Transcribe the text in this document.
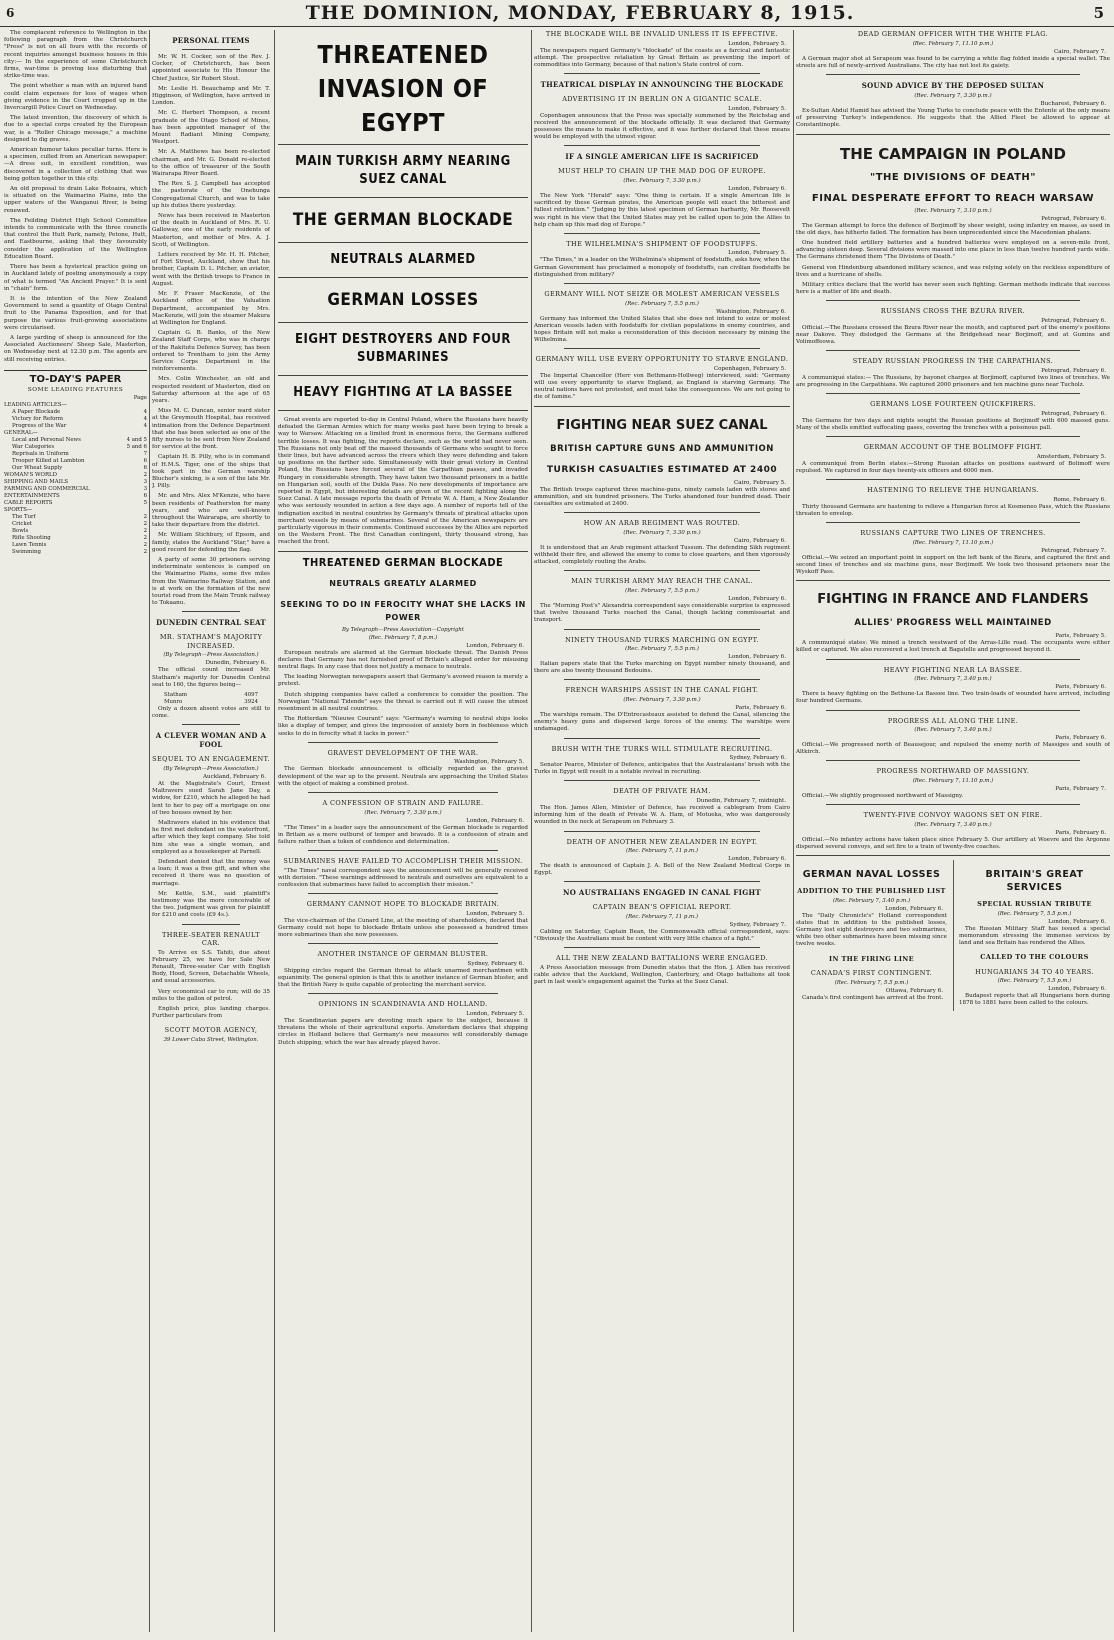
6	THE DOMINION, MONDAY, FEBRUARY 8, 1915.	5

The complacent reference to Wellington in the following paragraph from the Christchurch "Press" is not on all fours with the records of recent inquiries amongst business houses in this city:— In the experience of some Christchurch firms, war-time is proving less disturbing that strike-time was.

The point whether a man with an injured hand could claim expenses for loss of wages when giving evidence in the Court cropped up in the Invercargill Police Court on Wednesday.

The latest invention, the discovery of which is due to a special corps created by the European war, is a "Roller Chicago message," a machine designed to dig graves.

American humour takes peculiar turns. Here is a specimen, culled from an American newspaper:—A dress suit, in excellent condition, was discovered in a collection of clothing that was being gotten together in this city.

An old proposal to drain Lake Rotoaira, which is situated on the Waimarino Plains, into the upper waters of the Wanganui River, is being renewed.

The Feilding District High School Committee intends to communicate with the three councils that control the Hutt Park, namely, Petone, Hutt, and Eastbourne, asking that they favourably consider the application of the Wellington Education Board.

There has been a hysterical practice going on in Auckland lately of posting anonymously a copy of what is termed "An Ancient Prayer." It is sent in "chain" form.

It is the intention of the New Zealand Government to send a quantity of Otago Central fruit to the Panama Exposition, and for that purpose the various fruit-growing associations were circularised.

A large yarding of sheep is announced for the Associated Auctioneers' Sheep Sale, Masterton, on Wednesday next at 12.30 p.m. The agents are still receiving entries.

TO-DAY'S PAPER
SOME LEADING FEATURES
Page
LEADING ARTICLES—
A Paper Blockade	4
Victory for Reform	4
Progress of the War	4
GENERAL—
Local and Personal News	4 and 5
War Categories	5 and 6
Reprisals in Uniform	7
Trooper Killed at Lambton	6
Our Wheat Supply	6
WOMAN'S WORLD	2
SHIPPING AND MAILS	3
FARMING AND COMMERCIAL	3
ENTERTAINMENTS	6
CABLE REPORTS	5
SPORTS—
The Turf	2
Cricket	2
Bowls	2
Rifle Shooting	2
Lawn Tennis	2
Swimming	2
PERSONAL ITEMS

Mr. W. H. Cocker, son of the Rev. J. Cocker, of Christchurch, has been appointed associate to His Honour the Chief Justice, Sir Robert Stout.

Mr. Leslie H. Beauchamp and Mr. T. Higginson, of Wellington, have arrived in London.

Mr. C. Herbert Thompson, a recent graduate of the Otago School of Mines, has been appointed manager of the Mount Radiant Mining Company, Westport.

Mr. A. Matthews has been re-elected chairman, and Mr. G. Donald re-elected to the office of treasurer of the South Wairarapa River Board.

The Rev. S. J. Campbell has accepted the pastorate of the Onehunga Congregational Church, and was to take up his duties there yesterday.

News has been received in Masterton of the death in Auckland of Mrs. R. U. Galloway, one of the early residents of Masterton, and mother of Mrs. A. J. Scott, of Wellington.

Letters received by Mr. H. H. Pitcher, of Fort Street, Auckland, show that his brother, Captain D. L. Pitcher, an aviator, went with the British troops to France in August.

Mr. F. Fraser MacKenzie, of the Auckland office of the Valuation Department, accompanied by Mrs. MacKenzie, will join the steamer Makura at Wellington for England.

Captain G. B. Banks, of the New Zealand Staff Corps, who was in charge of the Rakitutu Defence Survey, has been ordered to Trentham to join the Army Service Corps Department in the reinforcements.

Mrs. Colin Winchester, an old and respected resident of Masterton, died on Saturday afternoon at the age of 65 years.

Miss M. C. Duncan, senior ward sister at the Greymouth Hospital, has received intimation from the Defence Department that she has been selected as one of the fifty nurses to be sent from New Zealand for service at the front.

Captain H. B. Pilly, who is in command of H.M.S. Tiger, one of the ships that took part in the German warship Blucher's sinking, is a son of the late Mr. J. Pilly.

Mr. and Mrs. Alex M'Kenzie, who have been residents of Featherston for many years, and who are well-known throughout the Wairarapa, are shortly to take their departure from the district.

Mr. William Stichbury, of Epsom, and family, states the Auckland "Star," have a good record for defending the flag.

A party of some 30 prisoners serving indeterminate sentences is camped on the Waimarino Plains, some five miles from the Waimarino Railway Station, and is at work on the formation of the new tourist road from the Main Trunk railway to Tokaanu.

DUNEDIN CENTRAL SEAT
MR. STATHAM'S MAJORITY INCREASED.
(By Telegraph—Press Association.)
Dunedin, February 6.

The official count increased Mr. Statham's majority for Dunedin Central seat to 160, the figures being—

Statham	4097
Munro	3924

Only a dozen absent votes are still to come.

A CLEVER WOMAN AND A FOOL
SEQUEL TO AN ENGAGEMENT.
(By Telegraph—Press Association.)
Auckland, February 6.

At the Magistrate's Court, Ernest Maltravers sued Sarah Jane Day, a widow, for £210, which he alleged he had lent to her to pay off a mortgage on one of two houses owned by her.

Maltravers stated in his evidence that he first met defendant on the waterfront, after which they kept company. She told him she was a single woman, and employed as a housekeeper at Parnell.

Defendant denied that the money was a loan; it was a free gift, and when she received it there was no question of marriage.

Mr. Kettle, S.M., said plaintiff's testimony was the more conceivable of the two. Judgment was given for plaintiff for £210 and costs (£9 4s.).

THREE-SEATER RENAULT CAR.

To Arrive ex S.S. Tahiti, due about February 25, we have for Sale New Renault, Three-seater Car with English Body, Hood, Screen, Detachable Wheels, and usual accessories.

Very economical car to run; will do 35 miles to the gallon of petrol.

English price, plus landing charges. Further particulars from

SCOTT MOTOR AGENCY,
39 Lower Cuba Street, Wellington.
THREATENED INVASION OF EGYPT
MAIN TURKISH ARMY NEARING SUEZ CANAL
THE GERMAN BLOCKADE
NEUTRALS ALARMED
GERMAN LOSSES
EIGHT DESTROYERS AND FOUR SUBMARINES
HEAVY FIGHTING AT LA BASSEE

Great events are reported to-day in Central Poland, where the Russians have heavily defeated the German Armies which for many weeks past have been trying to break a way to Warsaw. Attacking on a limited front in enormous force, the Germans suffered terrible losses. It was fighting, the reports declare, such as the world had never seen. The Russians not only beat off the massed thousands of Germans who sought to force their lines, but have advanced across the rivers which they were defending and taken up positions on the farther side. Simultaneously with their great victory in Central Poland, the Russians have forced several of the Carpathian passes, and invaded Hungary in considerable strength. They have taken two thousand prisoners in a battle on Hungarian soil, south of the Dukla Pass. No new developments of importance are reported in Egypt, but interesting details are given of the recent fighting along the Suez Canal. A late message reports the death of Private W. A. Ham, a New Zealander who was seriously wounded in action a few days ago. A number of reports tell of the indignation excited in neutral countries by Germany's threats of piratical attacks upon merchant vessels by means of submarines. Several of the American newspapers are particularly vigorous in their comments. Continued successes by the Allies are reported on the Western Front. The first Canadian contingent, thirty thousand strong, has reached the front.

THREATENED GERMAN BLOCKADE
NEUTRALS GREATLY ALARMED
SEEKING TO DO IN FEROCITY WHAT SHE LACKS IN POWER
By Telegraph—Press Association—Copyright
(Rec. February 7, 8 p.m.)
London, February 6.

European neutrals are alarmed at the German blockade threat. The Danish Press declares that Germany has not furnished proof of Britain's alleged order for misusing neutral flags. In any case that does not justify a menace to neutrals.

The leading Norwegian newspapers assert that Germany's avowed reason is merely a pretext.

Dutch shipping companies have called a conference to consider the position. The Norwegian "National Tidende" says the threat is carried out it will cause the utmost resentment in all neutral countries.

The Rotterdam "Nieuwe Courant" says: "Germany's warning to neutral ships looks like a display of temper, and gives the impression of anxiety born in feebleness which seeks to do in ferocity what it lacks in power."

GRAVEST DEVELOPMENT OF THE WAR.
Washington, February 5.

The German blockade announcement is officially regarded as the gravest development of the war up to the present. Neutrals are approaching the United States with the object of making a combined protest.

A CONFESSION OF STRAIN AND FAILURE.
(Rec. February 7, 3.30 p.m.)
London, February 6.

"The Times" in a leader says the announcement of the German blockade is regarded in Britain as a mere outburst of temper and bravado. It is a confession of strain and failure rather than a token of confidence and determination.

SUBMARINES HAVE FAILED TO ACCOMPLISH THEIR MISSION.

"The Times" naval correspondent says the announcement will be generally received with derision. "These warnings addressed to neutrals and ourselves are equivalent to a confession that submarines have failed to accomplish their mission."

GERMANY CANNOT HOPE TO BLOCKADE BRITAIN.
London, February 5.

The vice-chairman of the Cunard Line, at the meeting of shareholders, declared that Germany could not hope to blockade Britain unless she possessed a hundred times more submarines than she now possesses.

ANOTHER INSTANCE OF GERMAN BLUSTER.
Sydney, February 6.

Shipping circles regard the German threat to attack unarmed merchantmen with equanimity. The general opinion is that this is another instance of German bluster, and that the British Navy is quite capable of protecting the merchant service.

OPINIONS IN SCANDINAVIA AND HOLLAND.
London, February 5.

The Scandinavian papers are devoting much space to the subject, because it threatens the whole of their agricultural exports. Amsterdam declares that shipping circles in Holland believe that Germany's new measures will considerably damage Dutch shipping, which the war has already played havoc.

THE BLOCKADE WILL BE INVALID UNLESS IT IS EFFECTIVE.
London, February 5.

The newspapers regard Germany's "blockade" of the coasts as a farcical and fantastic attempt. The prospective retaliation by Great Britain as preventing the import of commodities into Germany, because of that nation's State control of corn.

THEATRICAL DISPLAY IN ANNOUNCING THE BLOCKADE
ADVERTISING IT IN BERLIN ON A GIGANTIC SCALE.
London, February 5.

Copenhagen announces that the Press was specially summoned by the Reichstag and received the announcement of the blockade officially. It was declared that Germany possesses the means to make it effective, and it was further declared that these means would be employed with the utmost vigour.

IF A SINGLE AMERICAN LIFE IS SACRIFICED
MUST HELP TO CHAIN UP THE MAD DOG OF EUROPE.
(Rec. February 7, 3.30 p.m.)
London, February 6.

The New York "Herald" says: "One thing is certain. If a single American life is sacrificed by these German pirates, the American people will exact the bitterest and fullest retribution." "Judging by this latest specimen of German barbarity, Mr. Roosevelt was right in his view that the United States may yet be called upon to join the Allies to help chain up this mad dog of Europe."

THE WILHELMINA'S SHIPMENT OF FOODSTUFFS.
London, February 5.

"The Times," in a leader on the Wilhelmina's shipment of foodstuffs, asks how, when the German Government has proclaimed a monopoly of foodstuffs, can civilian foodstuffs be distinguished from military?

GERMANY WILL NOT SEIZE OR MOLEST AMERICAN VESSELS
(Rec. February 7, 5.5 p.m.)
Washington, February 6.

Germany has informed the United States that she does not intend to seize or molest American vessels laden with foodstuffs for civilian populations in enemy countries, and hopes Britain will not make a reconsideration of this decision necessary by mining the Wilhelmina.

GERMANY WILL USE EVERY OPPORTUNITY TO STARVE ENGLAND.
Copenhagen, February 5.

The Imperial Chancellor (Herr von Bethmann-Hollweg) interviewed, said: "Germany will use every opportunity to starve England, as England is starving Germany. The neutral nations have not protested, and must take the consequences. We are not going to die of famine."

FIGHTING NEAR SUEZ CANAL
BRITISH CAPTURE GUNS AND AMMUNITION
TURKISH CASUALTIES ESTIMATED AT 2400
Cairo, February 5.

The British troops captured three machine-guns, ninety camels laden with stores and ammunition, and six hundred prisoners. The Turks abandoned four hundred dead. Their casualties are estimated at 2400.

HOW AN ARAB REGIMENT WAS ROUTED.
(Rec. February 7, 3.30 p.m.)
Cairo, February 6.

It is understood that an Arab regiment attacked Tussum. The defending Sikh regiment withheld their fire, and allowed the enemy to come to close quarters, and then vigorously attacked, completely routing the Arabs.

MAIN TURKISH ARMY MAY REACH THE CANAL.
(Rec. February 7, 5.5 p.m.)
London, February 6.

The "Morning Post's" Alexandria correspondent says considerable surprise is expressed that twelve thousand Turks reached the Canal, though lacking commissariat and transport.

NINETY THOUSAND TURKS MARCHING ON EGYPT.
(Rec. February 7, 5.5 p.m.)
London, February 6.

Italian papers state that the Turks marching on Egypt number ninety thousand, and there are also twenty thousand Bedouins.

FRENCH WARSHIPS ASSIST IN THE CANAL FIGHT.
(Rec. February 7, 3.30 p.m.)
Paris, February 6.

The warships remain. The D'Entrecasteaux assisted to defend the Canal, silencing the enemy's heavy guns and dispersed large forces of the enemy. The warships were undamaged.

BRUSH WITH THE TURKS WILL STIMULATE RECRUITING.
Sydney, February 6.

Senator Pearce, Minister of Defence, anticipates that the Australasians' brush with the Turks in Egypt will result in a notable revival in recruiting.

DEATH OF PRIVATE HAM.
Dunedin, February 7, midnight.

The Hon. James Allen, Minister of Defence, has received a cablegram from Cairo informing him of the death of Private W. A. Ham, of Motueka, who was dangerously wounded in the neck at Serapeum on February 3.

DEATH OF ANOTHER NEW ZEALANDER IN EGYPT.
(Rec. February 7, 11 p.m.)
London, February 6.

The death is announced of Captain J. A. Bell of the New Zealand Medical Corps in Egypt.

NO AUSTRALIANS ENGAGED IN CANAL FIGHT
CAPTAIN BEAN'S OFFICIAL REPORT.
(Rec. February 7, 11 p.m.)
Sydney, February 7.

Cabling on Saturday, Captain Bean, the Commonwealth official correspondent, says: "Obviously the Australians must be content with very little chance of a fight."

ALL THE NEW ZEALAND BATTALIONS WERE ENGAGED.

A Press Association message from Dunedin states that the Hon. J. Allen has received cable advice that the Auckland, Wellington, Canterbury, and Otago battalions all took part in last week's engagement against the Turks at the Suez Canal.

DEAD GERMAN OFFICER WITH THE WHITE FLAG.
(Rec. February 7, 11.10 p.m.)
Cairo, February 7.

A German major shot at Serapeum was found to be carrying a white flag folded inside a special wallet. The streets are full of newly-arrived Australians. The city has not lost its gaiety.

SOUND ADVICE BY THE DEPOSED SULTAN
(Rec. February 7, 3.30 p.m.)
Bucharest, February 6.

Ex-Sultan Abdul Hamid has advised the Young Turks to conclude peace with the Entente at the only means of preserving Turkey's independence. He suggests that the Allied Fleet be allowed to appear at Constantinople.

THE CAMPAIGN IN POLAND
"THE DIVISIONS OF DEATH"
FINAL DESPERATE EFFORT TO REACH WARSAW
(Rec. February 7, 3.10 p.m.)
Petrograd, February 6.

The German attempt to force the defence of Borjimoff by sheer weight, using infantry en masse, as used in the old days, has hitherto failed. The formation has been unprecedented since the Macedonian phalanx.

One hundred field artillery batteries and a hundred batteries were employed on a seven-mile front, advancing sixteen deep. Several divisions were massed into one place in less than twelve hundred yards wide. The Germans christened them "The Divisions of Death."

General von Hindenburg abandoned military science, and was relying solely on the reckless expenditure of lives and a hurricane of shells.

Military critics declare that the world has never seen such fighting. German methods indicate that success here is a matter of life and death.

RUSSIANS CROSS THE BZURA RIVER.
Petrograd, February 6.

Official.—The Russians crossed the Bzura River near the mouth, and captured part of the enemy's positions near Dakove. They dislodged the Germans at the Bridgehead near Borjimoff, and at Gumins and Volimoffeowa.

STEADY RUSSIAN PROGRESS IN THE CARPATHIANS.
Petrograd, February 6.

A communiqué states:— The Russians, by bayonet charges at Borjimoff, captured two lines of trenches. We are progressing in the Carpathians. We captured 2000 prisoners and ten machine guns near Tucholz.

GERMANS LOSE FOURTEEN QUICKFIRERS.
Petrograd, February 6.

The Germans for two days and nights sought the Russian positions at Borjimoff with 600 massed guns. Many of the shells emitted suffocating gases, covering the trenches with a poisonous pall.

GERMAN ACCOUNT OF THE BOLIMOFF FIGHT.
Amsterdam, February 5.

A communiqué from Berlin states:—Strong Russian attacks on positions eastward of Bolimoff were repulsed. We captured in four days twenty-six officers and 6000 men.

HASTENING TO RELIEVE THE HUNGARIANS.
Rome, February 6.

Thirty thousand Germans are hastening to relieve a Hungarian force at Kosmeneo Pass, which the Russians threaten to envelop.

RUSSIANS CAPTURE TWO LINES OF TRENCHES.
(Rec. February 7, 11.10 p.m.)
Petrograd, February 7.

Official.—We seized an important point in support on the left bank of the Bzura, and captured the first and second lines of trenches and six machine guns, near Borjimoff. We took two thousand prisoners near the Wyskoff Pass.

FIGHTING IN FRANCE AND FLANDERS
ALLIES' PROGRESS WELL MAINTAINED
Paris, February 5.

A communiqué states: We mined a trench westward of the Arras-Lille road. The occupants were either killed or captured. We also recovered a lost trench at Bagatelle and progressed beyond it.

HEAVY FIGHTING NEAR LA BASSEE.
(Rec. February 7, 3.40 p.m.)
Paris, February 6.

There is heavy fighting on the Bethune-La Bassee line. Two train-loads of wounded have arrived, including four hundred Germans.

PROGRESS ALL ALONG THE LINE.
(Rec. February 7, 3.40 p.m.)
Paris, February 6.

Official.—We progressed north of Beausejour, and repulsed the enemy north of Massiges and south of Altkirch.

PROGRESS NORTHWARD OF MASSIGNY.
(Rec. February 7, 11.10 p.m.)
Paris, February 7.

Official.—We slightly progressed northward of Massigny.

TWENTY-FIVE CONVOY WAGONS SET ON FIRE.
(Rec. February 7, 3.40 p.m.)
Paris, February 6.

Official.—No infantry actions have taken place since February 5. Our artillery at Woevre and the Argonne dispersed several convoys, and set fire to a train of twenty-five coaches.

GERMAN NAVAL LOSSES
ADDITION TO THE PUBLISHED LIST
(Rec. February 7, 3.40 p.m.)
London, February 6.

The "Daily Chronicle's" Holland correspondent states that in addition to the published losses, Germany lost eight destroyers and two submarines, while two other submarines have been missing since twelve weeks.

IN THE FIRING LINE
CANADA'S FIRST CONTINGENT.
(Rec. February 7, 5.5 p.m.)
Ottawa, February 6.

Canada's first contingent has arrived at the front.

BRITAIN'S GREAT SERVICES
SPECIAL RUSSIAN TRIBUTE
(Rec. February 7, 5.5 p.m.)
London, February 6.

The Russian Military Staff has issued a special memorandum stressing the immense services by land and sea Britain has rendered the Allies.

CALLED TO THE COLOURS
HUNGARIANS 34 TO 40 YEARS.
(Rec. February 7, 5.5 p.m.)
London, February 6.

Budapest reports that all Hungarians born during 1878 to 1881 have been called to the colours.
